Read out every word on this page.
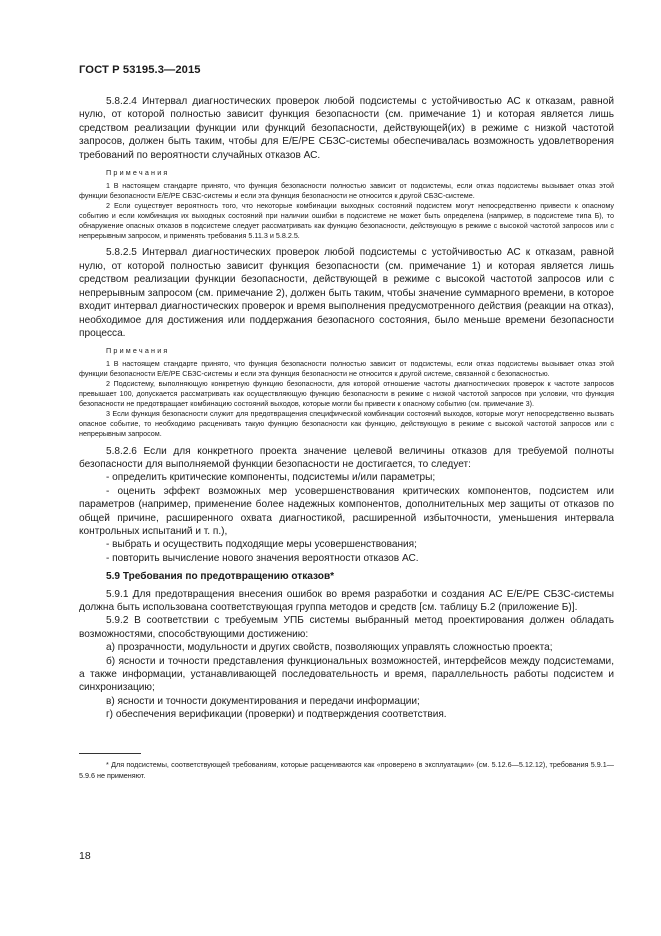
ГОСТ Р 53195.3—2015

5.8.2.4 Интервал диагностических проверок любой подсистемы с устойчивостью АС к отказам, равной нулю, от которой полностью зависит функция безопасности (см. примечание 1) и которая является лишь средством реализации функции или функций безопасности, действующей(их) в режиме с низкой частотой запросов, должен быть таким, чтобы для E/E/PE СБЗС-системы обеспечивалась возможность удовлетворения требований по вероятности случайных отказов АС.

Примечания

1 В настоящем стандарте принято, что функция безопасности полностью зависит от подсистемы, если отказ подсистемы вызывает отказ этой функции безопасности E/E/PE СБЗС-системы и если эта функция безопасности не относится к другой СБЗС-системе.

2 Если существует вероятность того, что некоторые комбинации выходных состояний подсистем могут непосредственно привести к опасному событию и если комбинация их выходных состояний при наличии ошибки в подсистеме не может быть определена (например, в подсистеме типа Б), то обнаружение опасных отказов в подсистеме следует рассматривать как функцию безопасности, действующую в режиме с высокой частотой запросов или с непрерывным запросом, и применять требования 5.11.3 и 5.8.2.5.

5.8.2.5 Интервал диагностических проверок любой подсистемы с устойчивостью АС к отказам, равной нулю, от которой полностью зависит функция безопасности (см. примечание 1) и которая является лишь средством реализации функции безопасности, действующей в режиме с высокой частотой запросов или с непрерывным запросом (см. примечание 2), должен быть таким, чтобы значение суммарного времени, в которое входит интервал диагностических проверок и время выполнения предусмотренного действия (реакции на отказ), необходимое для достижения или поддержания безопасного состояния, было меньше времени безопасности процесса.

Примечания

1 В настоящем стандарте принято, что функция безопасности полностью зависит от подсистемы, если отказ подсистемы вызывает отказ этой функции безопасности E/E/PE СБЗС-системы и если эта функция безопасности не относится к другой системе, связанной с безопасностью.

2 Подсистему, выполняющую конкретную функцию безопасности, для которой отношение частоты диагностических проверок к частоте запросов превышает 100, допускается рассматривать как осуществляющую функцию безопасности в режиме с низкой частотой запросов при условии, что функция безопасности не предотвращает комбинацию состояний выходов, которые могли бы привести к опасному событию (см. примечание 3).

3 Если функция безопасности служит для предотвращения специфической комбинации состояний выходов, которые могут непосредственно вызвать опасное событие, то необходимо расценивать такую функцию безопасности как функцию, действующую в режиме с высокой частотой запросов или с непрерывным запросом.

5.8.2.6 Если для конкретного проекта значение целевой величины отказов для требуемой полноты безопасности для выполняемой функции безопасности не достигается, то следует:

- определить критические компоненты, подсистемы и/или параметры;

- оценить эффект возможных мер усовершенствования критических компонентов, подсистем или параметров (например, применение более надежных компонентов, дополнительных мер защиты от отказов по общей причине, расширенного охвата диагностикой, расширенной избыточности, уменьшения интервала контрольных испытаний и т. п.),

- выбрать и осуществить подходящие меры усовершенствования;

- повторить вычисление нового значения вероятности отказов АС.

5.9 Требования по предотвращению отказов*

5.9.1 Для предотвращения внесения ошибок во время разработки и создания АС E/E/PE СБЗС-системы должна быть использована соответствующая группа методов и средств [см. таблицу Б.2 (приложение Б)].

5.9.2 В соответствии с требуемым УПБ системы выбранный метод проектирования должен обладать возможностями, способствующими достижению:

а) прозрачности, модульности и других свойств, позволяющих управлять сложностью проекта;

б) ясности и точности представления функциональных возможностей, интерфейсов между подсистемами, а также информации, устанавливающей последовательность и время, параллельность работы подсистем и синхронизацию;

в) ясности и точности документирования и передачи информации;

г) обеспечения верификации (проверки) и подтверждения соответствия.

* Для подсистемы, соответствующей требованиям, которые расцениваются как «проверено в эксплуатации» (см. 5.12.6—5.12.12), требования 5.9.1—5.9.6 не применяют.

18
